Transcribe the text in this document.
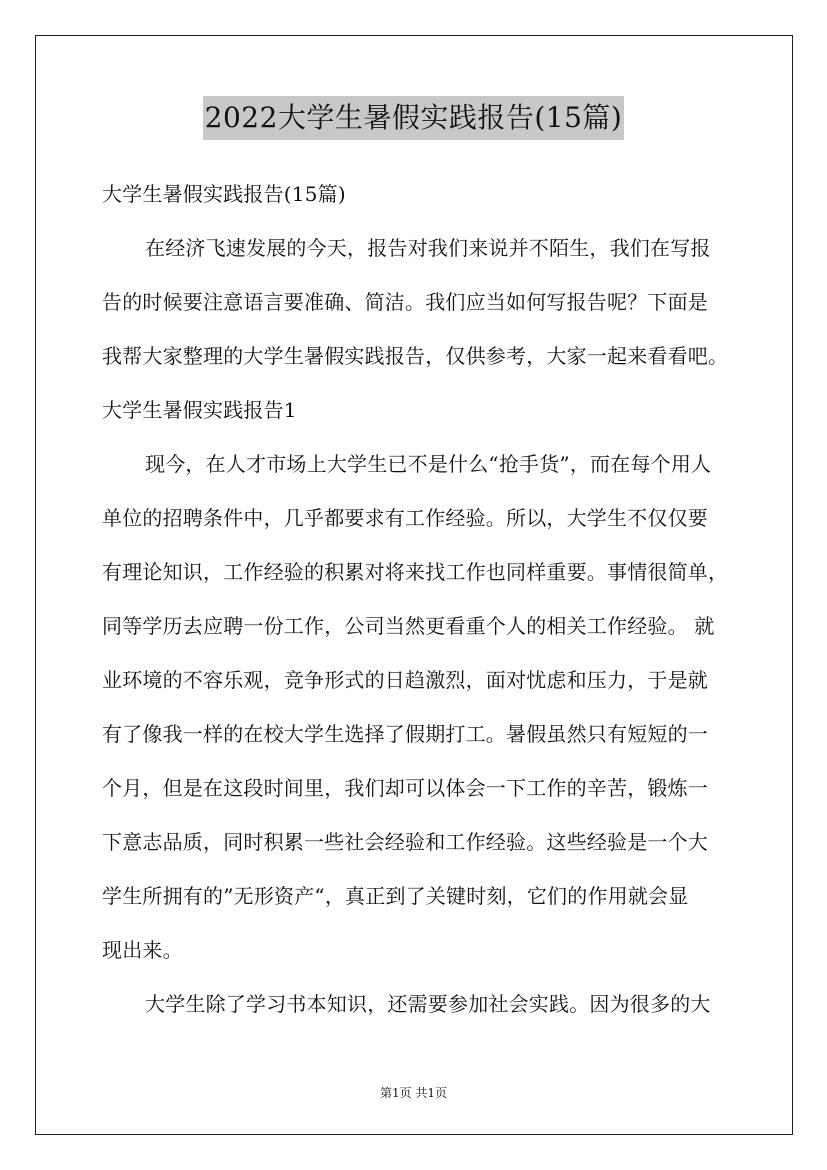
2022大学生暑假实践报告(15篇)
大学生暑假实践报告(15篇)
在经济飞速发展的今天，报告对我们来说并不陌生，我们在写报
告的时候要注意语言要准确、简洁。我们应当如何写报告呢？下面是
我帮大家整理的大学生暑假实践报告，仅供参考，大家一起来看看吧。
大学生暑假实践报告1
现今，在人才市场上大学生已不是什么“抢手货”，而在每个用人
单位的招聘条件中，几乎都要求有工作经验。所以，大学生不仅仅要
有理论知识，工作经验的积累对将来找工作也同样重要。事情很简单，
同等学历去应聘一份工作，公司当然更看重个人的相关工作经验。 就
业环境的不容乐观，竞争形式的日趋激烈，面对忧虑和压力，于是就
有了像我一样的在校大学生选择了假期打工。暑假虽然只有短短的一
个月，但是在这段时间里，我们却可以体会一下工作的辛苦，锻炼一
下意志品质，同时积累一些社会经验和工作经验。这些经验是一个大
学生所拥有的”无形资产“，真正到了关键时刻，它们的作用就会显
现出来。
大学生除了学习书本知识，还需要参加社会实践。因为很多的大
第1页 共1页
